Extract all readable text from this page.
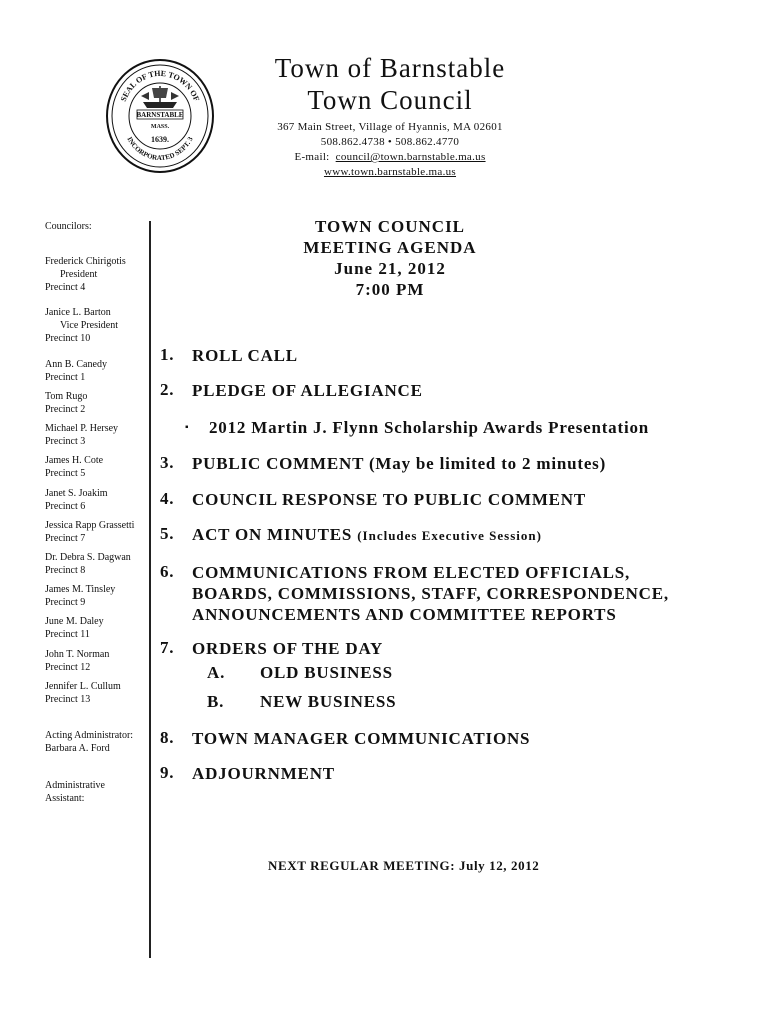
SEAL OF THE TOWN OF
INCORPORATED SEPT. 3
BARNSTABLE
MASS.
1639.
Town of Barnstable
Town Council
367 Main Street, Village of Hyannis, MA 02601
508.862.4738 • 508.862.4770
E-mail: council@town.barnstable.ma.us
www.town.barnstable.ma.us
Councilors:
Frederick Chirigotis
President
Precinct 4
Janice L. Barton
Vice President
Precinct 10
Ann B. Canedy
Precinct 1
Tom Rugo
Precinct 2
Michael P. Hersey
Precinct 3
James H. Cote
Precinct 5
Janet S. Joakim
Precinct 6
Jessica Rapp Grassetti
Precinct 7
Dr. Debra S. Dagwan
Precinct 8
James M. Tinsley
Precinct 9
June M. Daley
Precinct 11
John T. Norman
Precinct 12
Jennifer L. Cullum
Precinct 13
Acting Administrator:
Barbara A. Ford
Administrative
Assistant:
TOWN COUNCIL
MEETING AGENDA
June 21, 2012
7:00 PM
1. ROLL CALL
2. PLEDGE OF ALLEGIANCE
▪ 2012 Martin J. Flynn Scholarship Awards Presentation
3. PUBLIC COMMENT (May be limited to 2 minutes)
4. COUNCIL RESPONSE TO PUBLIC COMMENT
5. ACT ON MINUTES (Includes Executive Session)
6. COMMUNICATIONS FROM ELECTED OFFICIALS,
BOARDS, COMMISSIONS, STAFF, CORRESPONDENCE,
ANNOUNCEMENTS AND COMMITTEE REPORTS
7. ORDERS OF THE DAY
A. OLD BUSINESS
B. NEW BUSINESS
8. TOWN MANAGER COMMUNICATIONS
9. ADJOURNMENT
NEXT REGULAR MEETING: July 12, 2012
